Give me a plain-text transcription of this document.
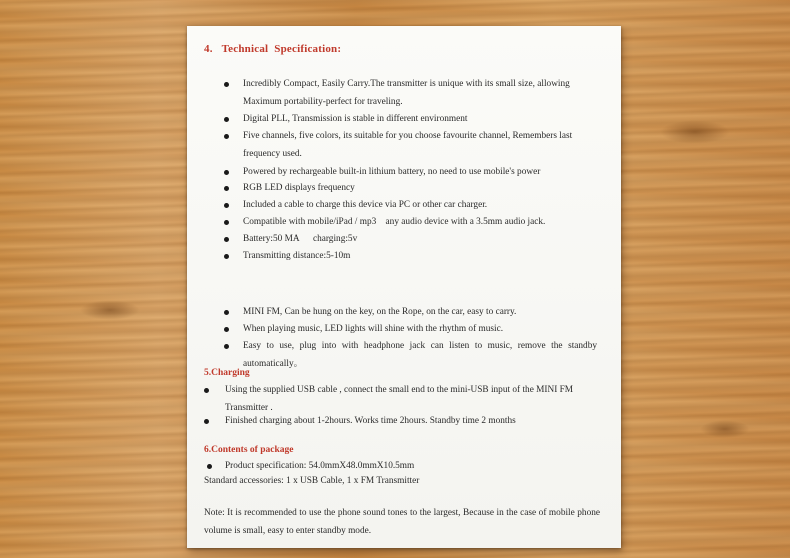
4. Technical Specification:
Incredibly Compact, Easily Carry.The transmitter is unique with its small size, allowing Maximum portability-perfect for traveling.
Digital PLL, Transmission is stable in different environment
Five channels, five colors, its suitable for you choose favourite channel, Remembers last frequency used.
Powered by rechargeable built-in lithium battery, no need to use mobile's power
RGB LED displays frequency
Included a cable to charge this device via PC or other car charger.
Compatible with mobile/iPad / mp3    any audio device with a 3.5mm audio jack.
Battery:50 MA      charging:5v
Transmitting distance:5-10m
MINI FM, Can be hung on the key, on the Rope, on the car, easy to carry.
When playing music, LED lights will shine with the rhythm of music.
Easy to use, plug into with headphone jack can listen to music, remove the standby automatically。
5.Charging
Using the supplied USB cable , connect the small end to the mini-USB input of the MINI FM Transmitter .
Finished charging about 1-2hours. Works time 2hours. Standby time 2 months
6.Contents of package
Product specification: 54.0mmX48.0mmX10.5mm
Standard accessories: 1 x USB Cable, 1 x FM Transmitter
Note: It is recommended to use the phone sound tones to the largest, Because in the case of mobile phone volume is small, easy to enter standby mode.
